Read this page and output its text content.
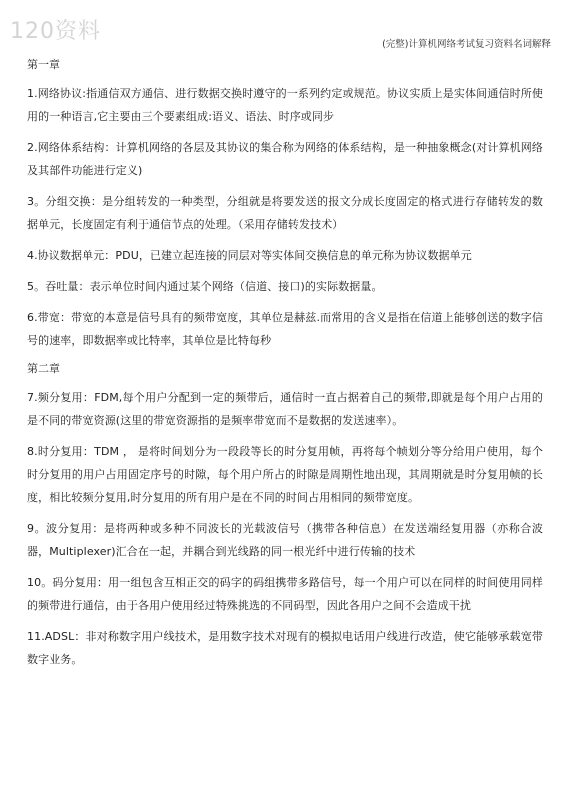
120资料
(完整)计算机网络考试复习资料名词解释
第一章

1.网络协议:指通信双方通信、进行数据交换时遵守的一系列约定或规范。协议实质上是实体间通信时所使用的一种语言,它主要由三个要素组成:语义、语法、时序或同步

2.网络体系结构：计算机网络的各层及其协议的集合称为网络的体系结构，是一种抽象概念(对计算机网络及其部件功能进行定义)

3。分组交换：是分组转发的一种类型，分组就是将要发送的报文分成长度固定的格式进行存储转发的数据单元，长度固定有利于通信节点的处理。（采用存储转发技术）

4.协议数据单元：PDU，已建立起连接的同层对等实体间交换信息的单元称为协议数据单元

5。吞吐量：表示单位时间内通过某个网络（信道、接口)的实际数据量。

6.带宽：带宽的本意是信号具有的频带宽度，其单位是赫兹.而常用的含义是指在信道上能够创送的数字信号的速率，即数据率或比特率，其单位是比特每秒

第二章

7.频分复用：FDM,每个用户分配到一定的频带后，通信时一直占据着自己的频带,即就是每个用户占用的是不同的带宽资源(这里的带宽资源指的是频率带宽而不是数据的发送速率）。

8.时分复用：TDM ， 是将时间划分为一段段等长的时分复用帧，再将每个帧划分等分给用户使用，每个时分复用的用户占用固定序号的时隙，每个用户所占的时隙是周期性地出现，其周期就是时分复用帧的长度，相比较频分复用,时分复用的所有用户是在不同的时间占用相同的频带宽度。

9。波分复用：是将两种或多种不同波长的光载波信号（携带各种信息）在发送端经复用器（亦称合波器，Multiplexer)汇合在一起，并耦合到光线路的同一根光纤中进行传输的技术

10。码分复用：用一组包含互相正交的码字的码组携带多路信号，每一个用户可以在同样的时间使用同样的频带进行通信，由于各用户使用经过特殊挑选的不同码型，因此各用户之间不会造成干扰

11.ADSL：非对称数字用户线技术，是用数字技术对现有的模拟电话用户线进行改造，使它能够承载宽带数字业务。
